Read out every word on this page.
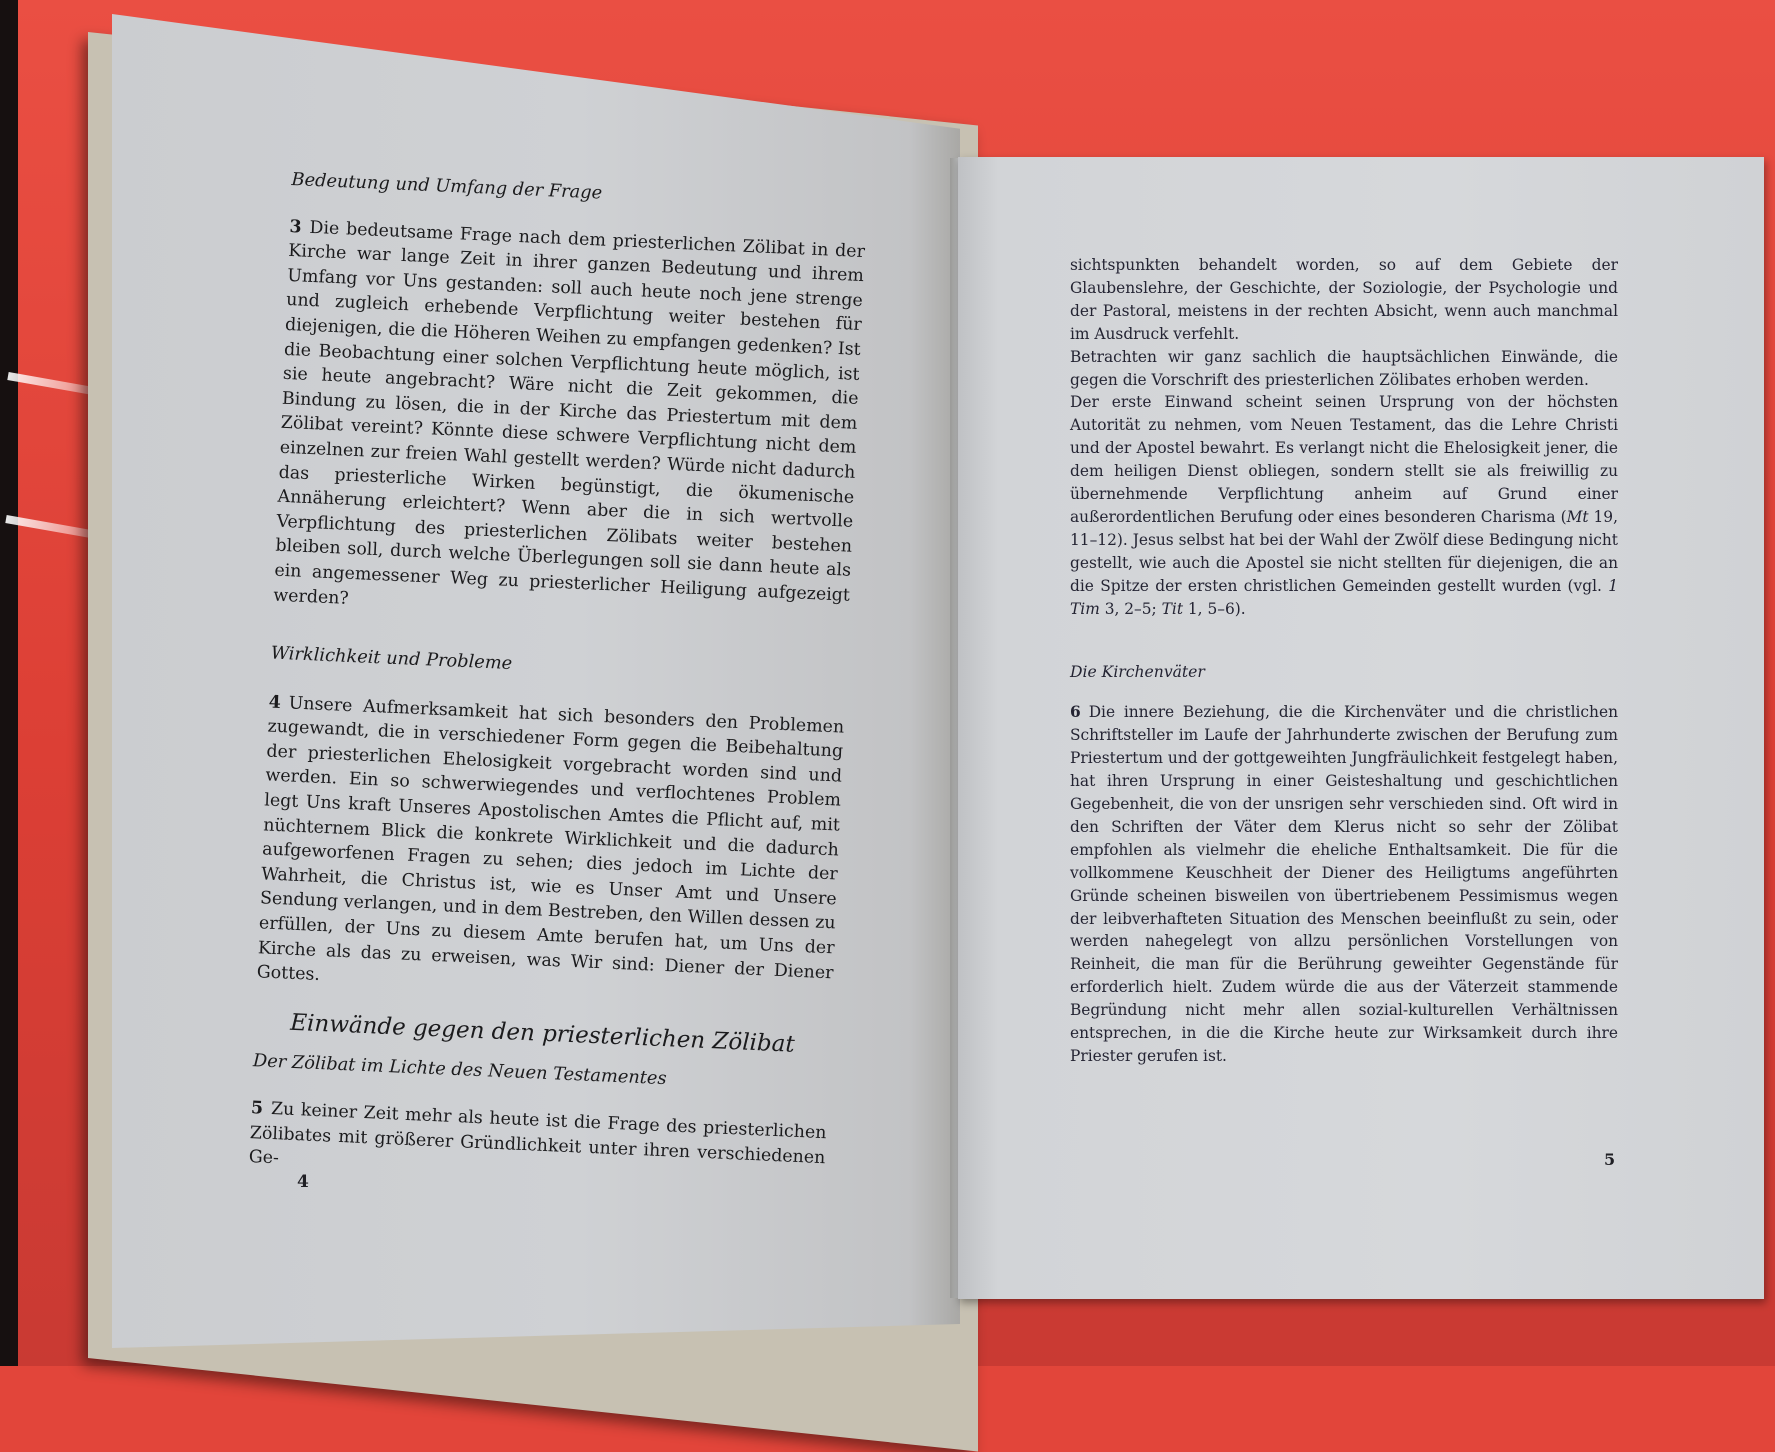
Bedeutung und Umfang der Frage

3 Die bedeutsame Frage nach dem priesterlichen Zölibat in der Kirche war lange Zeit in ihrer ganzen Bedeutung und ihrem Umfang vor Uns gestanden: soll auch heute noch jene strenge und zugleich erhebende Verpflichtung weiter bestehen für diejenigen, die die Höheren Weihen zu empfangen gedenken? Ist die Beobachtung einer solchen Verpflichtung heute möglich, ist sie heute angebracht? Wäre nicht die Zeit gekommen, die Bindung zu lösen, die in der Kirche das Priestertum mit dem Zölibat vereint? Könnte diese schwere Verpflichtung nicht dem einzelnen zur freien Wahl gestellt werden? Würde nicht dadurch das priesterliche Wirken begünstigt, die ökumenische Annäherung erleichtert? Wenn aber die in sich wertvolle Verpflichtung des priesterlichen Zölibats weiter bestehen bleiben soll, durch welche Überlegungen soll sie dann heute als ein angemessener Weg zu priesterlicher Heiligung aufgezeigt werden?

Wirklichkeit und Probleme

4 Unsere Aufmerksamkeit hat sich besonders den Problemen zugewandt, die in verschiedener Form gegen die Beibehaltung der priesterlichen Ehelosigkeit vorgebracht worden sind und werden. Ein so schwerwiegendes und verflochtenes Problem legt Uns kraft Unseres Apostolischen Amtes die Pflicht auf, mit nüchternem Blick die konkrete Wirklichkeit und die dadurch aufgeworfenen Fragen zu sehen; dies jedoch im Lichte der Wahrheit, die Christus ist, wie es Unser Amt und Unsere Sendung verlangen, und in dem Bestreben, den Willen dessen zu erfüllen, der Uns zu diesem Amte berufen hat, um Uns der Kirche als das zu erweisen, was Wir sind: Diener der Diener Gottes.

Einwände gegen den priesterlichen Zölibat

Der Zölibat im Lichte des Neuen Testamentes

5 Zu keiner Zeit mehr als heute ist die Frage des priesterlichen Zölibates mit größerer Gründlichkeit unter ihren verschiedenen Ge-

4

sichtspunkten behandelt worden, so auf dem Gebiete der Glaubenslehre, der Geschichte, der Soziologie, der Psychologie und der Pastoral, meistens in der rechten Absicht, wenn auch manchmal im Ausdruck verfehlt.

Betrachten wir ganz sachlich die hauptsächlichen Einwände, die gegen die Vorschrift des priesterlichen Zölibates erhoben werden.

Der erste Einwand scheint seinen Ursprung von der höchsten Autorität zu nehmen, vom Neuen Testament, das die Lehre Christi und der Apostel bewahrt. Es verlangt nicht die Ehelosigkeit jener, die dem heiligen Dienst obliegen, sondern stellt sie als freiwillig zu übernehmende Verpflichtung anheim auf Grund einer außerordentlichen Berufung oder eines besonderen Charisma (Mt 19, 11–12). Jesus selbst hat bei der Wahl der Zwölf diese Bedingung nicht gestellt, wie auch die Apostel sie nicht stellten für diejenigen, die an die Spitze der ersten christlichen Gemeinden gestellt wurden (vgl. 1 Tim 3, 2–5; Tit 1, 5–6).

Die Kirchenväter

6 Die innere Beziehung, die die Kirchenväter und die christlichen Schriftsteller im Laufe der Jahrhunderte zwischen der Berufung zum Priestertum und der gottgeweihten Jungfräulichkeit festgelegt haben, hat ihren Ursprung in einer Geisteshaltung und geschichtlichen Gegebenheit, die von der unsrigen sehr verschieden sind. Oft wird in den Schriften der Väter dem Klerus nicht so sehr der Zölibat empfohlen als vielmehr die eheliche Enthaltsamkeit. Die für die vollkommene Keuschheit der Diener des Heiligtums angeführten Gründe scheinen bisweilen von übertriebenem Pessimismus wegen der leibverhafteten Situation des Menschen beeinflußt zu sein, oder werden nahegelegt von allzu persönlichen Vorstellungen von Reinheit, die man für die Berührung geweihter Gegenstände für erforderlich hielt. Zudem würde die aus der Väterzeit stammende Begründung nicht mehr allen sozial-kulturellen Verhältnissen entsprechen, in die die Kirche heute zur Wirksamkeit durch ihre Priester gerufen ist.

5
